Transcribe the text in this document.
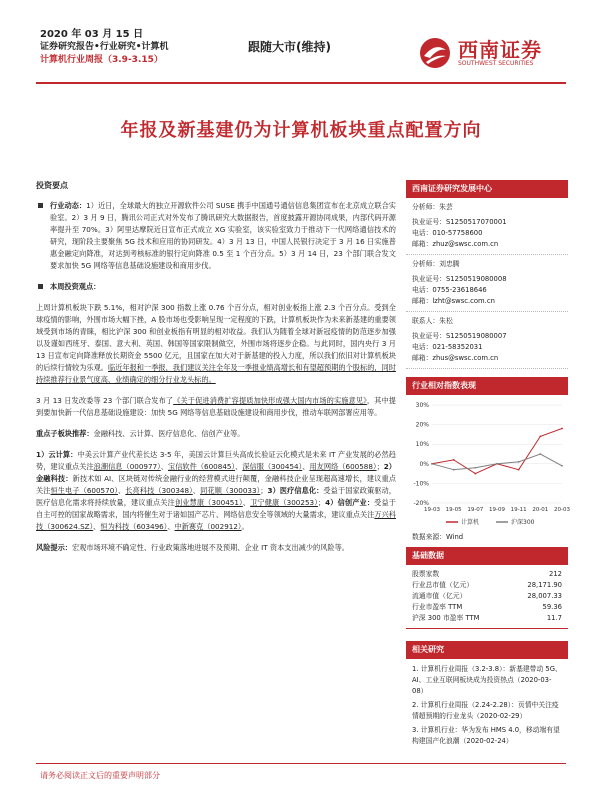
2020 年 03 月 15 日
证券研究报告•行业研究•计算机
计算机行业周报（3.9-3.15）
跟随大市(维持)	西南证券
SOUTHWEST SECURITIES
年报及新基建仍为计算机板块重点配置方向
投资要点
行业动态：1）近日，全球最大的独立开源软件公司 SUSE 携手中国通号通信信息集团宣布在北京成立联合实验室。2）3 月 9 日，腾讯公司正式对外发布了腾讯研究大数据报告，首度披露开源协同成果，内部代码开源率提升至 70%。3）阿里达摩院近日宣布正式成立 XG 实验室，该实验室致力于推动下一代网络通信技术的研究，现阶段主要聚焦 5G 技术和应用的协同研发。4）3 月 13 日，中国人民银行决定于 3 月 16 日实施普惠金融定向降准，对达到考核标准的银行定向降准 0.5 至 1 个百分点。5）3 月 14 日，23 个部门联合发文要求加快 5G 网络等信息基础设施建设和商用步伐。
本周投资观点：
上周计算机板块下跌 5.1%，相对沪深 300 指数上涨 0.76 个百分点，相对创业板指上涨 2.3 个百分点。受到全球疫情的影响，外围市场大幅下挫，A 股市场也受影响呈现一定程度的下跌，计算机板块作为未来新基建的重要领域受到市场的青睐，相比沪深 300 和创业板指有明显的相对收益。我们认为随着全球对新冠疫情的防范逐步加强以及谨如西班牙、泰国、意大利、英国、韩国等国家限制做空，外围市场将逐步企稳。与此同时，国内央行 3 月 13 日宣布定向降准释放长期资金 5500 亿元，且国家在加大对于新基建的投入力度，所以我们依旧对计算机板块的后续行情较为乐观。临近年报和一季报，我们建议关注全年及一季报业绩高增长和有望超预期的个股标的，同时持续推荐行业景气度高、业绩确定的细分行业龙头标的。
3 月 13 日发改委等 23 个部门联合发布了《关于促进消费扩容提质加快形成强大国内市场的实施意见》，其中提到要加快新一代信息基础设施建设：加快 5G 网络等信息基础设施建设和商用步伐，推动车联网部署应用等。
重点子板块推荐：金融科技、云计算、医疗信息化、信创产业等。
1）云计算：中美云计算产业代差长达 3-5 年，美国云计算巨头高成长验证云化模式是未来 IT 产业发展的必然趋势，建议重点关注浪潮信息（000977）、宝信软件（600845）、深信服（300454）、用友网络（600588）；2）金融科技：新技术如 AI、区块链对传统金融行业的经营模式进行颠覆，金融科技企业呈现超高速增长，建议重点关注恒生电子（600570）、长亮科技（300348）、同花顺（300033）；3）医疗信息化：受益于国家政策驱动，医疗信息化需求将持续放量，建议重点关注创业慧康（300451）、卫宁健康（300253）；4）信创产业：受益于自主可控的国家战略需求，国内将催生对于诸如国产芯片、网络信息安全等领域的大量需求，建议重点关注万兴科技（300624.SZ）、恒为科技（603496）、中新赛克（002912）。
风险提示：宏观市场环境不确定性、行业政策落地进展不及预期、企业 IT 资本支出减少的风险等。
西南证券研究发展中心
分析师：朱芸
执业证号：S1250517070001
电话：010-57758600
邮箱：zhuz@swsc.com.cn
分析师：刘忠腾
执业证号：S1250519080008
电话：0755-23618646
邮箱：lzht@swsc.com.cn
联系人：朱松
执业证号：S1250519080007
电话：021-58352031
邮箱：zhus@swsc.com.cn
行业相对指数表现
30%
20%
10%
0%
-10%
-20%
19-03 19-05 19-07 19-09 19-11 20-01 20-03
计算机	沪深300
数据来源：Wind
基础数据
股票家数	212
行业总市值（亿元）	28,171.90
流通市值（亿元）	28,007.33
行业市盈率 TTM	59.36
沪深 300 市盈率 TTM	11.7
相关研究
1. 计算机行业周报（3.2-3.8）：新基建带动 5G、AI、工业互联网板块成为投资热点（2020-03-08）
2. 计算机行业周报（2.24-2.28）：页情中关注疫情超预期的行业龙头（2020-02-29）
3. 计算机行业：华为发布 HMS 4.0，移动端有望构建国产化浪潮（2020-02-24）
请务必阅读正文后的重要声明部分
